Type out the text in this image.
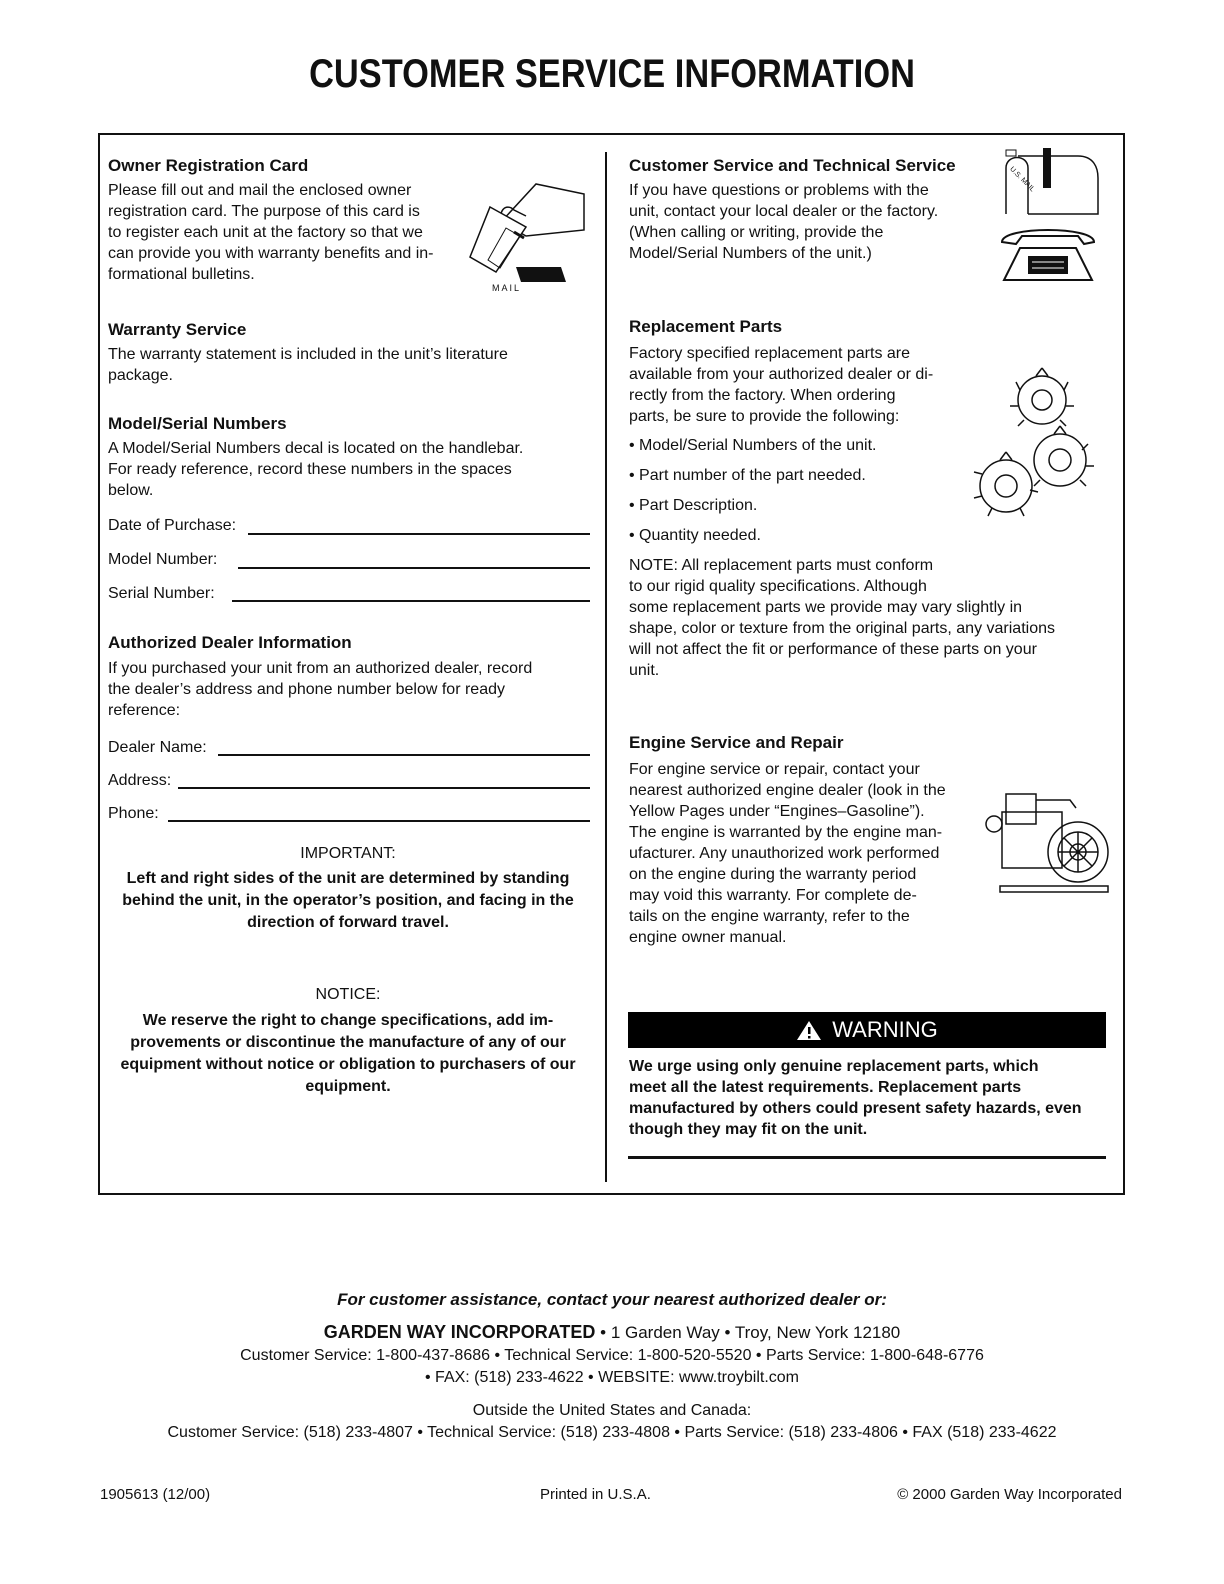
CUSTOMER SERVICE INFORMATION

Owner Registration Card

Please fill out and mail the enclosed owner
registration card. The purpose of this card is
to register each unit at the factory so that we
can provide you with warranty benefits and in-
formational bulletins.

MAIL

Warranty Service

The warranty statement is included in the unit’s literature
package.

Model/Serial Numbers

A Model/Serial Numbers decal is located on the handlebar.
For ready reference, record these numbers in the spaces
below.

Date of Purchase:
Model Number:
Serial Number:

Authorized Dealer Information

If you purchased your unit from an authorized dealer, record
the dealer’s address and phone number below for ready
reference:

Dealer Name:
Address:
Phone:
IMPORTANT:
Left and right sides of the unit are determined by standing
behind the unit, in the operator’s position, and facing in the
direction of forward travel.
NOTICE:
We reserve the right to change specifications, add im-
provements or discontinue the manufacture of any of our
equipment without notice or obligation to purchasers of our
equipment.

Customer Service and Technical Service

If you have questions or problems with the
unit, contact your local dealer or the factory.
(When calling or writing, provide the
Model/Serial Numbers of the unit.)

U.S. MAIL

Replacement Parts

Factory specified replacement parts are
available from your authorized dealer or di-
rectly from the factory. When ordering
parts, be sure to provide the following:

• Model/Serial Numbers of the unit.
• Part number of the part needed.
• Part Description.
• Quantity needed.

NOTE: All replacement parts must conform
to our rigid quality specifications. Although
some replacement parts we provide may vary slightly in
shape, color or texture from the original parts, any variations
will not affect the fit or performance of these parts on your
unit.

Engine Service and Repair

For engine service or repair, contact your
nearest authorized engine dealer (look in the
Yellow Pages under “Engines–Gasoline”).
The engine is warranted by the engine man-
ufacturer. Any unauthorized work performed
on the engine during the warranty period
may void this warranty. For complete de-
tails on the engine warranty, refer to the
engine owner manual.

WARNING
We urge using only genuine replacement parts, which
meet all the latest requirements. Replacement parts
manufactured by others could present safety hazards, even
though they may fit on the unit.
For customer assistance, contact your nearest authorized dealer or:
GARDEN WAY INCORPORATED • 1 Garden Way • Troy, New York 12180
Customer Service: 1-800-437-8686 • Technical Service: 1-800-520-5520 • Parts Service: 1-800-648-6776
• FAX: (518) 233-4622 • WEBSITE: www.troybilt.com
Outside the United States and Canada:
Customer Service: (518) 233-4807 • Technical Service: (518) 233-4808 • Parts Service: (518) 233-4806 • FAX (518) 233-4622
1905613 (12/00)	Printed in U.S.A.	© 2000 Garden Way Incorporated
